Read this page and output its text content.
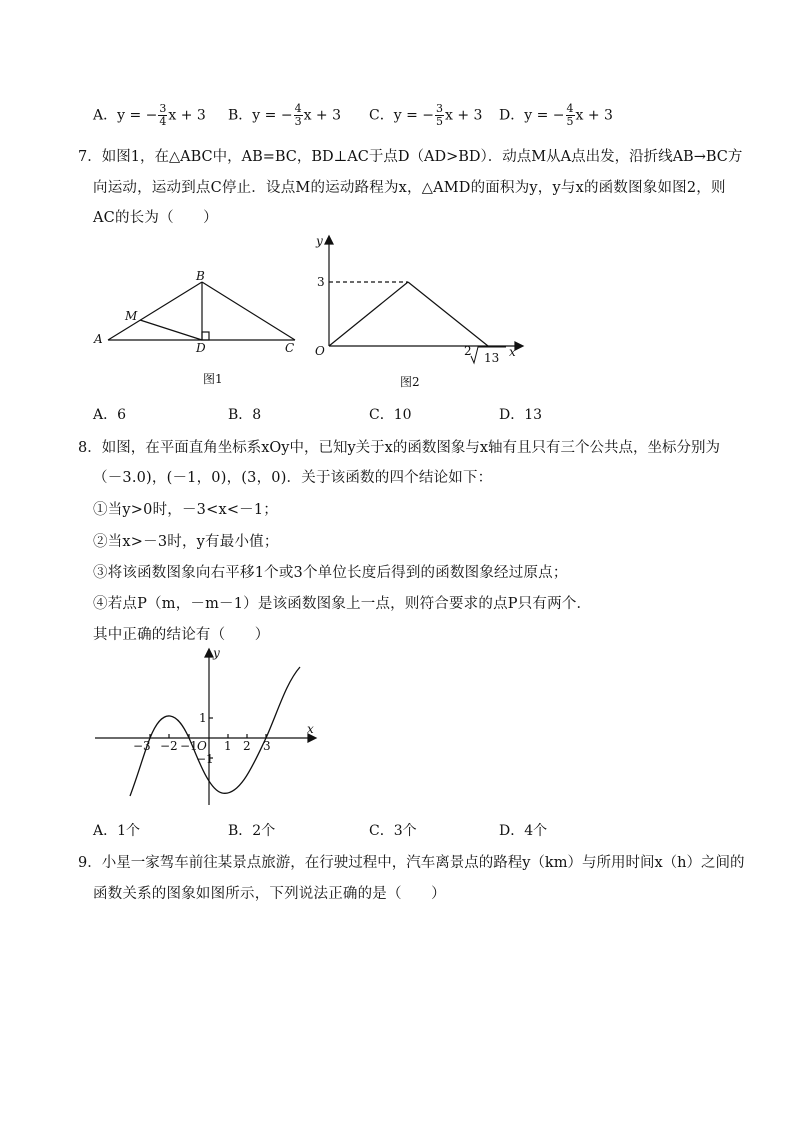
A．y = − $\frac{3}{4}$ x + 3 B．y = − $\frac{4}{3}$ x + 3 C．y = − $\frac{3}{5}$ x + 3 D．y = − $\frac{4}{5}$ x + 3
7．如图1，在△ABC中，AB=BC，BD⊥AC于点D（AD>BD）．动点M从A点出发，沿折线AB→BC方
向运动，运动到点C停止．设点M的运动路程为x，△AMD的面积为y，y与x的函数图象如图2，则
AC的长为（　　）
A
B
C
D
M
图1
y
x
O
3
2 13
图2
A．6	B．8	C．10	D．13
8．如图，在平面直角坐标系xOy中，已知y关于x的函数图象与x轴有且只有三个公共点，坐标分别为
（－3.0)，(－1，0)，(3，0)．关于该函数的四个结论如下：
①当y>0时，－3<x<－1；
②当x>－3时，y有最小值；
③将该函数图象向右平移1个或3个单位长度后得到的函数图象经过原点；
④若点P（m，－m－1）是该函数图象上一点，则符合要求的点P只有两个．
其中正确的结论有（　　）
y
x
O
1
−1
−3 −2 −1 1 2 3
A．1个	B．2个	C．3个	D．4个
9．小星一家驾车前往某景点旅游，在行驶过程中，汽车离景点的路程y（km）与所用时间x（h）之间的
函数关系的图象如图所示，下列说法正确的是（　　）
